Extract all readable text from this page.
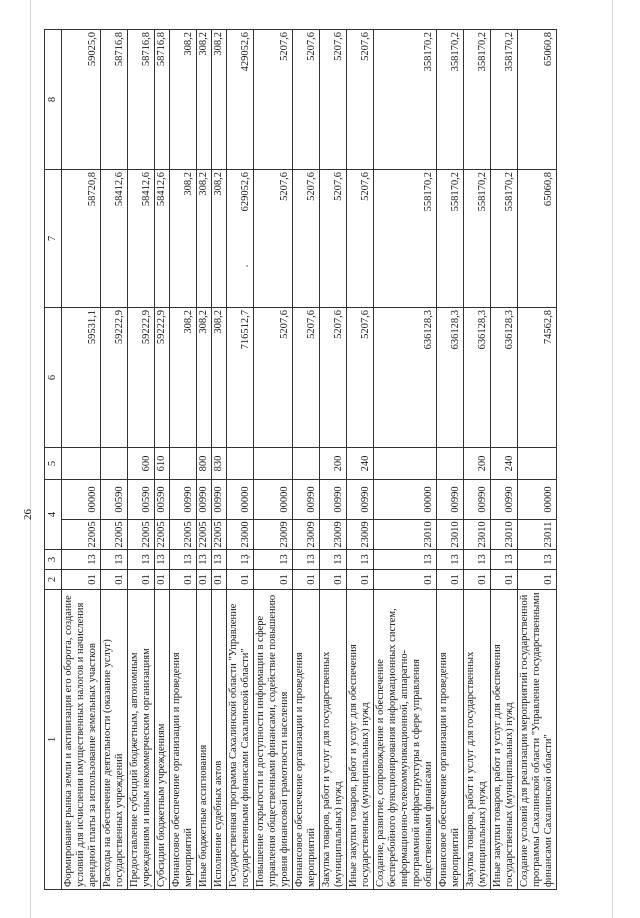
26
1	2	3	4		5	6	7	8
Формирование рынка земли и активизация его оборота, создание условий для исчисления имущественных налогов и начисления арендной платы за использование земельных участков	01	13	22005	00000		59531,1	58720,8	59025,0
Расходы на обеспечение деятельности (оказание услуг) государственных учреждений	01	13	22005	00590		59222,9	58412,6	58716,8
Предоставление субсидий бюджетным, автономным учреждениям и иным некоммерческим организациям	01	13	22005	00590	600	59222,9	58412,6	58716,8
Субсидии бюджетным учреждениям	01	13	22005	00590	610	59222,9	58412,6	58716,8
Финансовое обеспечение организации и проведения мероприятий	01	13	22005	00990		308,2	308,2	308,2
Иные бюджетные ассигнования	01	13	22005	00990	800	308,2	308,2	308,2
Исполнение судебных актов	01	13	22005	00990	830	308,2	308,2	308,2
Государственная программа Сахалинской области "Управление государственными финансами Сахалинской области"	01	13	23000	00000		716512,7	629052,6	429052,6
Повышение открытости и доступности информации в сфере управления общественными финансами, содействие повышению уровня финансовой грамотности населения	01	13	23009	00000		5207,6	5207,6	5207,6
Финансовое обеспечение организации и проведения мероприятий	01	13	23009	00990		5207,6	5207,6	5207,6
Закупка товаров, работ и услуг для государственных (муниципальных) нужд	01	13	23009	00990	200	5207,6	5207,6	5207,6
Иные закупки товаров, работ и услуг для обеспечения государственных (муниципальных) нужд	01	13	23009	00990	240	5207,6	5207,6	5207,6
Создание, развитие, сопровождение и обеспечение бесперебойного функционирования информационных систем, информационно-телекоммуникационной, аппаратно-программной инфраструктуры в сфере управления общественными финансами	01	13	23010	00000		636128,3	558170,2	358170,2
Финансовое обеспечение организации и проведения мероприятий	01	13	23010	00990		636128,3	558170,2	358170,2
Закупка товаров, работ и услуг для государственных (муниципальных) нужд	01	13	23010	00990	200	636128,3	558170,2	358170,2
Иные закупки товаров, работ и услуг для обеспечения государственных (муниципальных) нужд	01	13	23010	00990	240	636128,3	558170,2	358170,2
Создание условий для реализации мероприятий государственной программы Сахалинской области "Управление государственными финансами Сахалинской области"	01	13	23011	00000		74562,8	65060,8	65060,8
